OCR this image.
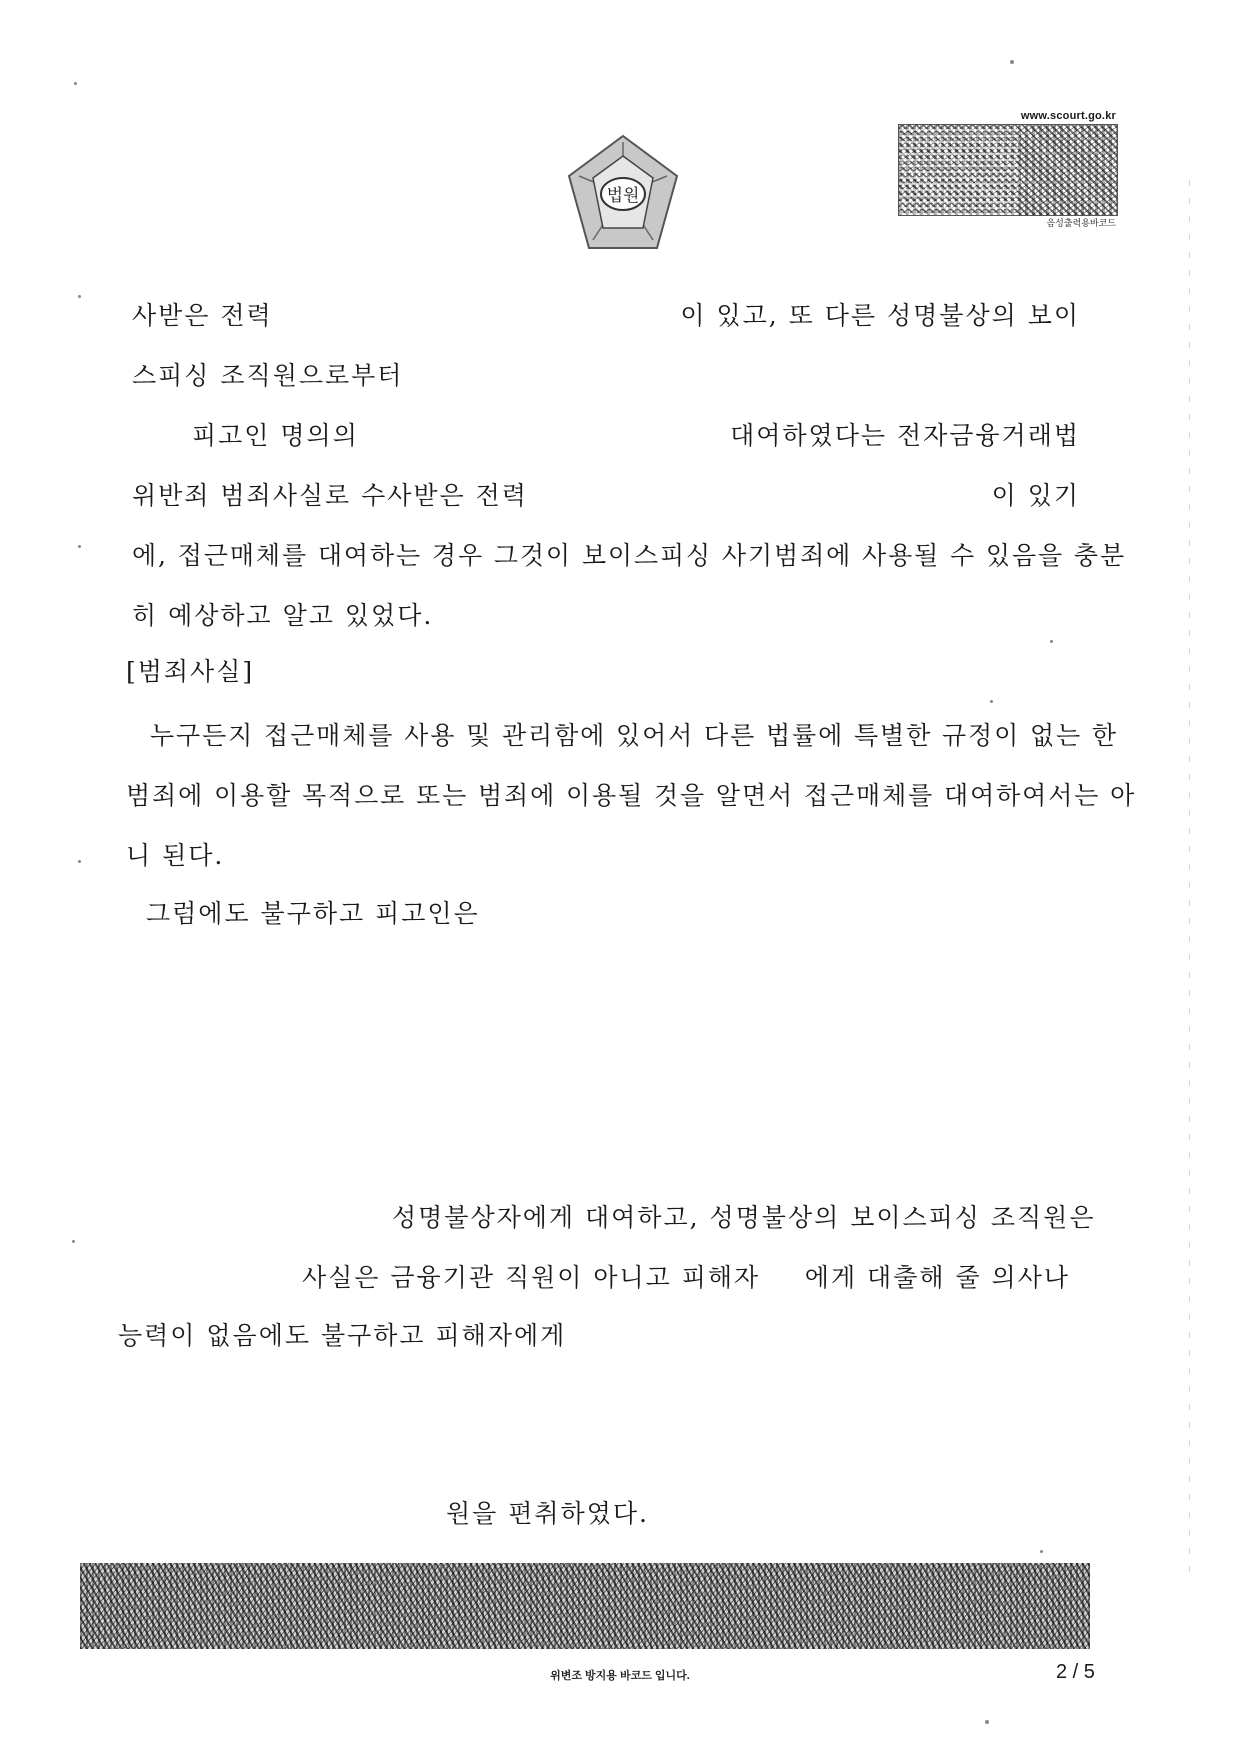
법원
www.scourt.go.kr
음성출력용바코드
사받은 전력	이 있고, 또 다른 성명불상의 보이
스피싱 조직원으로부터
피고인 명의의	대여하였다는 전자금융거래법
위반죄 범죄사실로 수사받은 전력	이 있기
에, 접근매체를 대여하는 경우 그것이 보이스피싱 사기범죄에 사용될 수 있음을 충분
히 예상하고 알고 있었다.
[범죄사실]
누구든지 접근매체를 사용 및 관리함에 있어서 다른 법률에 특별한 규정이 없는 한
범죄에 이용할 목적으로 또는 범죄에 이용될 것을 알면서 접근매체를 대여하여서는 아
니 된다.
그럼에도 불구하고 피고인은
성명불상자에게 대여하고, 성명불상의 보이스피싱 조직원은
사실은 금융기관 직원이 아니고 피해자 에게 대출해 줄 의사나
능력이 없음에도 불구하고 피해자에게
원을 편취하였다.
위변조 방지용 바코드 입니다.	2 / 5
